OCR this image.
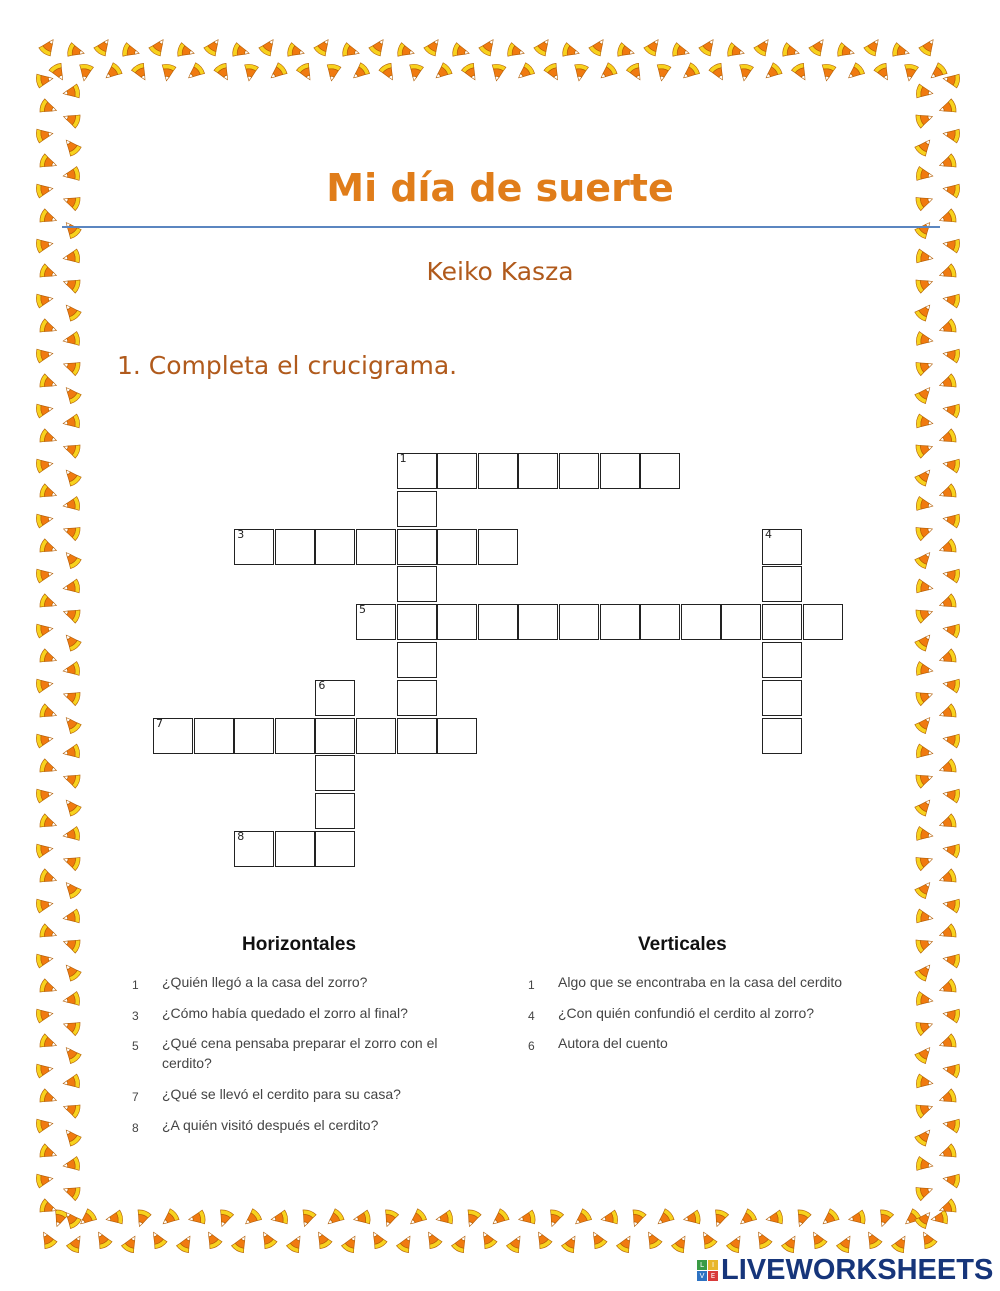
Mi día de suerte
Keiko Kasza
1. Completa el crucigrama.
1
3	4
5
6
7
8
Horizontales	Verticales
1	¿Quién llegó a la casa del zorro?
3	¿Cómo había quedado el zorro al final?
5	¿Qué cena pensaba preparar el zorro con el cerdito?
7	¿Qué se llevó el cerdito para su casa?
8	¿A quién visitó después el cerdito?
1	Algo que se encontraba en la casa del cerdito
4	¿Con quién confundió el cerdito al zorro?
6	Autora del cuento
L	I
V E LIVEWORKSHEETS
